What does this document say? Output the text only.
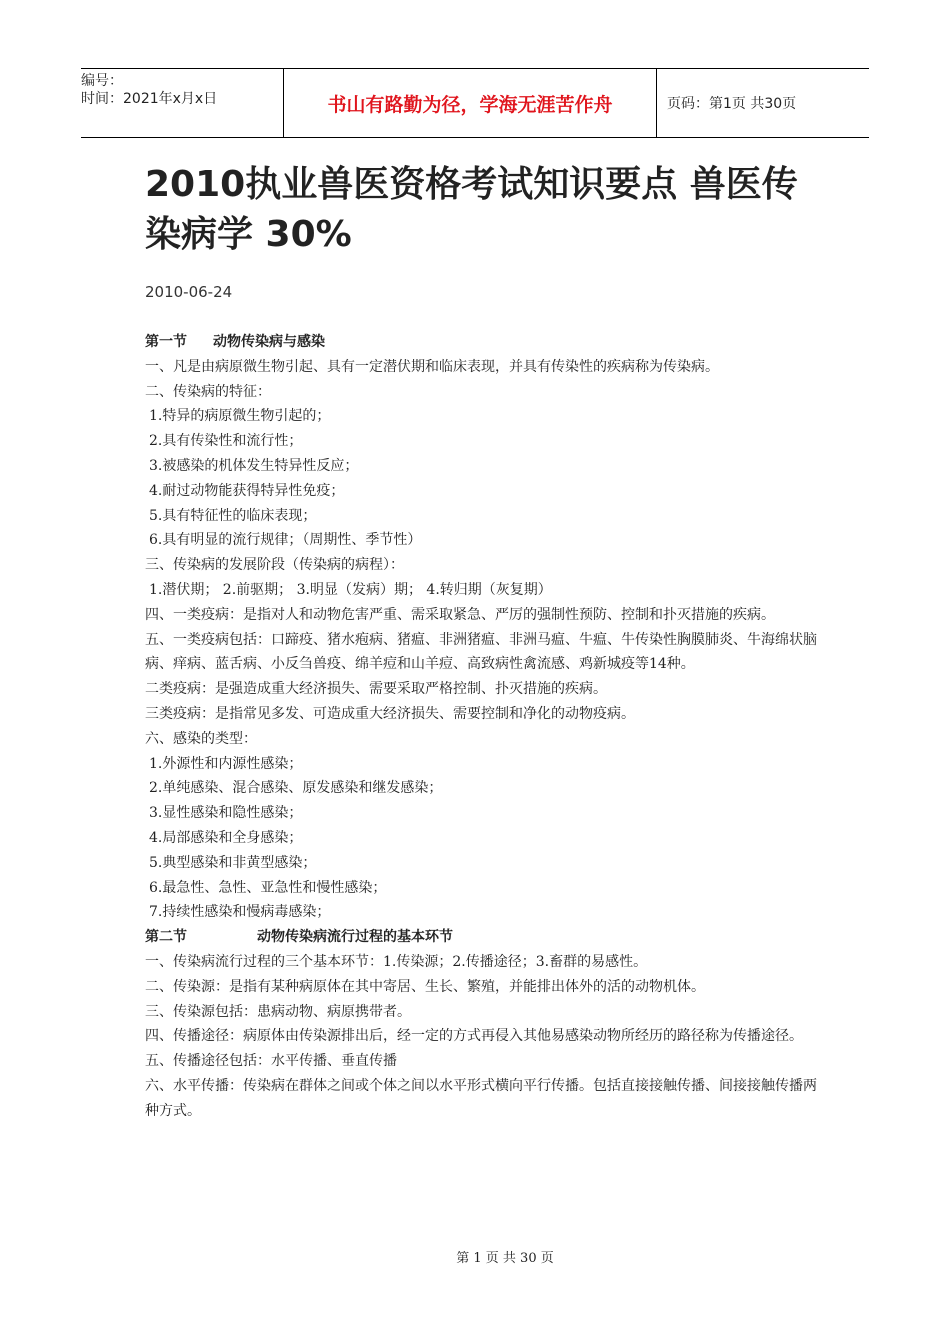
编号：
时间：2021年x月x日	书山有路勤为径，学海无涯苦作舟	页码：第1页 共30页
2010执业兽医资格考试知识要点 兽医传染病学 30%
2010-06-24

第一节 动物传染病与感染

一、凡是由病原微生物引起、具有一定潜伏期和临床表现，并具有传染性的疾病称为传染病。

二、传染病的特征：

1.特异的病原微生物引起的；

2.具有传染性和流行性；

3.被感染的机体发生特异性反应；

4.耐过动物能获得特异性免疫；

5.具有特征性的临床表现；

6.具有明显的流行规律；（周期性、季节性）

三、传染病的发展阶段（传染病的病程）：

1.潜伏期； 2.前驱期； 3.明显（发病）期； 4.转归期（灰复期）

四、一类疫病：是指对人和动物危害严重、需采取紧急、严厉的强制性预防、控制和扑灭措施的疾病。

五、一类疫病包括：口蹄疫、猪水疱病、猪瘟、非洲猪瘟、非洲马瘟、牛瘟、牛传染性胸膜肺炎、牛海绵状脑病、痒病、蓝舌病、小反刍兽疫、绵羊痘和山羊痘、高致病性禽流感、鸡新城疫等14种。

二类疫病：是强造成重大经济损失、需要采取严格控制、扑灭措施的疾病。

三类疫病：是指常见多发、可造成重大经济损失、需要控制和净化的动物疫病。

六、感染的类型：

1.外源性和内源性感染；

2.单纯感染、混合感染、原发感染和继发感染；

3.显性感染和隐性感染；

4.局部感染和全身感染；

5.典型感染和非黄型感染；

6.最急性、急性、亚急性和慢性感染；

7.持续性感染和慢病毒感染；

第二节	动物传染病流行过程的基本环节

一、传染病流行过程的三个基本环节：1.传染源；2.传播途径；3.畜群的易感性。

二、传染源：是指有某种病原体在其中寄居、生长、繁殖，并能排出体外的活的动物机体。

三、传染源包括：患病动物、病原携带者。

四、传播途径：病原体由传染源排出后，经一定的方式再侵入其他易感染动物所经历的路径称为传播途径。

五、传播途径包括：水平传播、垂直传播

六、水平传播：传染病在群体之间或个体之间以水平形式横向平行传播。包括直接接触传播、间接接触传播两种方式。

第 1 页 共 30 页
